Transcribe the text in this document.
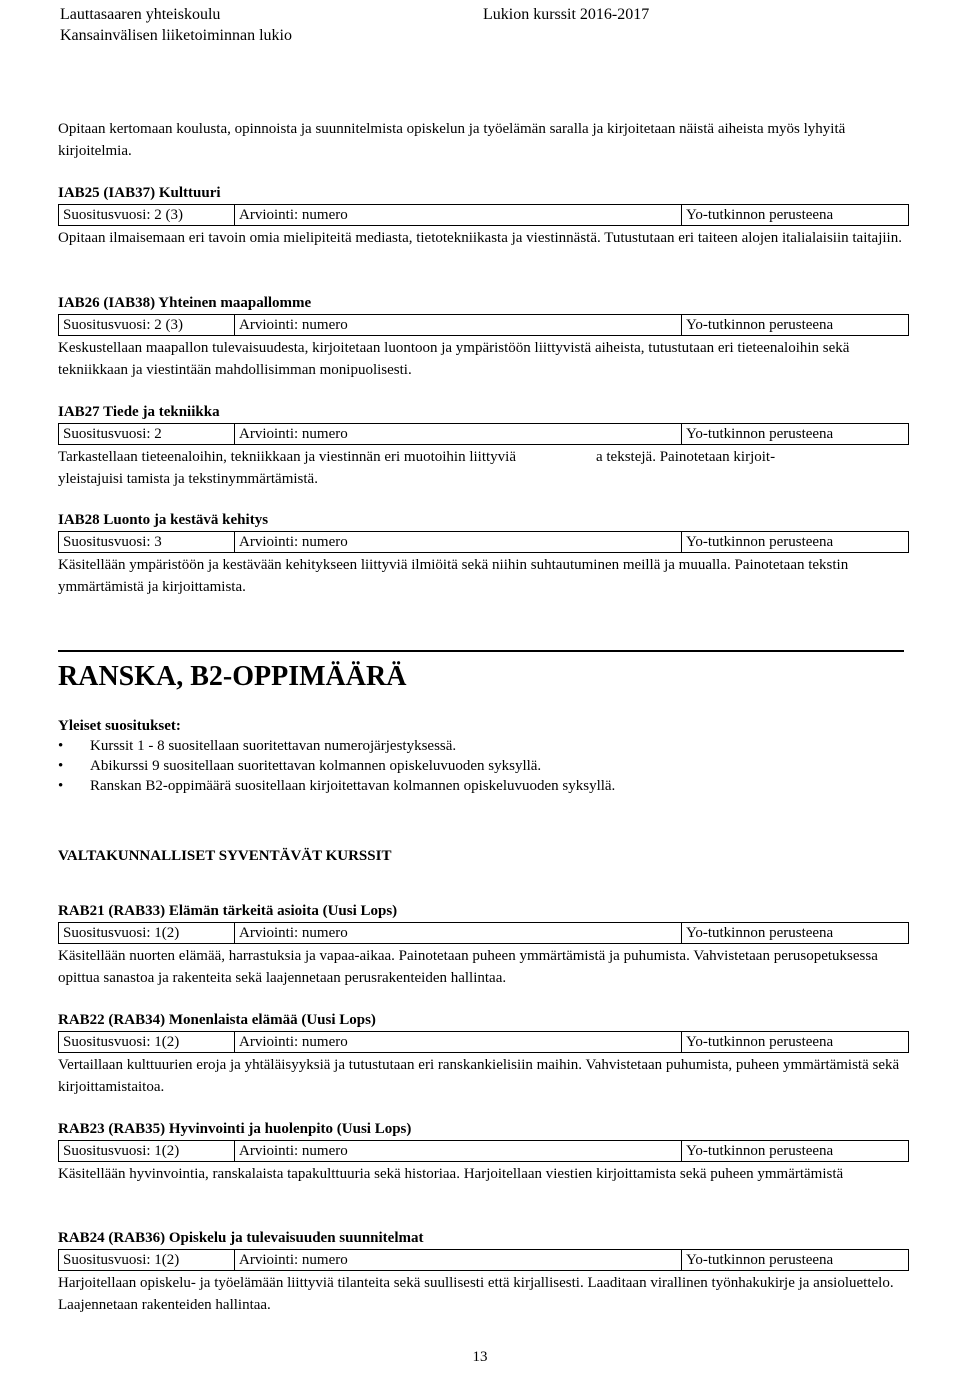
Lauttasaaren yhteiskoulu
Kansainvälisen liiketoiminnan lukio
Lukion kurssit 2016-2017

Opitaan kertomaan koulusta, opinnoista ja suunnitelmista opiskelun ja työelämän saralla ja kirjoitetaan näistä aiheista myös lyhyitä kirjoitelmia.

IAB25 (IAB37) Kulttuuri
Suositusvuosi: 2 (3)	Arviointi: numero	Yo-tutkinnon perusteena

Opitaan ilmaisemaan eri tavoin omia mielipiteitä mediasta, tietotekniikasta ja viestinnästä. Tutustutaan eri taiteen alojen italialaisiin taitajiin.

IAB26 (IAB38) Yhteinen maapallomme
Suositusvuosi: 2 (3)	Arviointi: numero	Yo-tutkinnon perusteena

Keskustellaan maapallon tulevaisuudesta, kirjoitetaan luontoon ja ympäristöön liittyvistä aiheista, tutustutaan eri tieteenaloihin sekä tekniikkaan ja viestintään mahdollisimman monipuolisesti.

IAB27 Tiede ja tekniikka
Suositusvuosi: 2	Arviointi: numero	Yo-tutkinnon perusteena

Tarkastellaan tieteenaloihin, tekniikkaan ja viestinnän eri muotoihin liittyviä	a tekstejä. Painotetaan kirjoit-
yleistajuisi tamista ja tekstinymmärtämistä.

IAB28 Luonto ja kestävä kehitys
Suositusvuosi: 3	Arviointi: numero	Yo-tutkinnon perusteena

Käsitellään ympäristöön ja kestävään kehitykseen liittyviä ilmiöitä sekä niihin suhtautuminen meillä ja muualla. Painotetaan tekstin ymmärtämistä ja kirjoittamista.

RANSKA, B2-OPPIMÄÄRÄ
Yleiset suositukset:
• Kurssit 1 - 8 suositellaan suoritettavan numerojärjestyksessä.
• Abikurssi 9 suositellaan suoritettavan kolmannen opiskeluvuoden syksyllä.
• Ranskan B2-oppimäärä suositellaan kirjoitettavan kolmannen opiskeluvuoden syksyllä.
VALTAKUNNALLISET SYVENTÄVÄT KURSSIT
RAB21 (RAB33) Elämän tärkeitä asioita (Uusi Lops)
Suositusvuosi: 1(2)	Arviointi: numero	Yo-tutkinnon perusteena

Käsitellään nuorten elämää, harrastuksia ja vapaa-aikaa. Painotetaan puheen ymmärtämistä ja puhumista. Vahvistetaan perusopetuksessa opittua sanastoa ja rakenteita sekä laajennetaan perusrakenteiden hallintaa.

RAB22 (RAB34) Monenlaista elämää (Uusi Lops)
Suositusvuosi: 1(2)	Arviointi: numero	Yo-tutkinnon perusteena

Vertaillaan kulttuurien eroja ja yhtäläisyyksiä ja tutustutaan eri ranskankielisiin maihin. Vahvistetaan puhumista, puheen ymmärtämistä sekä kirjoittamistaitoa.

RAB23 (RAB35) Hyvinvointi ja huolenpito (Uusi Lops)
Suositusvuosi: 1(2)	Arviointi: numero	Yo-tutkinnon perusteena

Käsitellään hyvinvointia, ranskalaista tapakulttuuria sekä historiaa. Harjoitellaan viestien kirjoittamista sekä puheen ymmärtämistä

RAB24 (RAB36) Opiskelu ja tulevaisuuden suunnitelmat
Suositusvuosi: 1(2)	Arviointi: numero	Yo-tutkinnon perusteena

Harjoitellaan opiskelu- ja työelämään liittyviä tilanteita sekä suullisesti että kirjallisesti. Laaditaan virallinen työnhakukirje ja ansioluettelo. Laajennetaan rakenteiden hallintaa.

13
